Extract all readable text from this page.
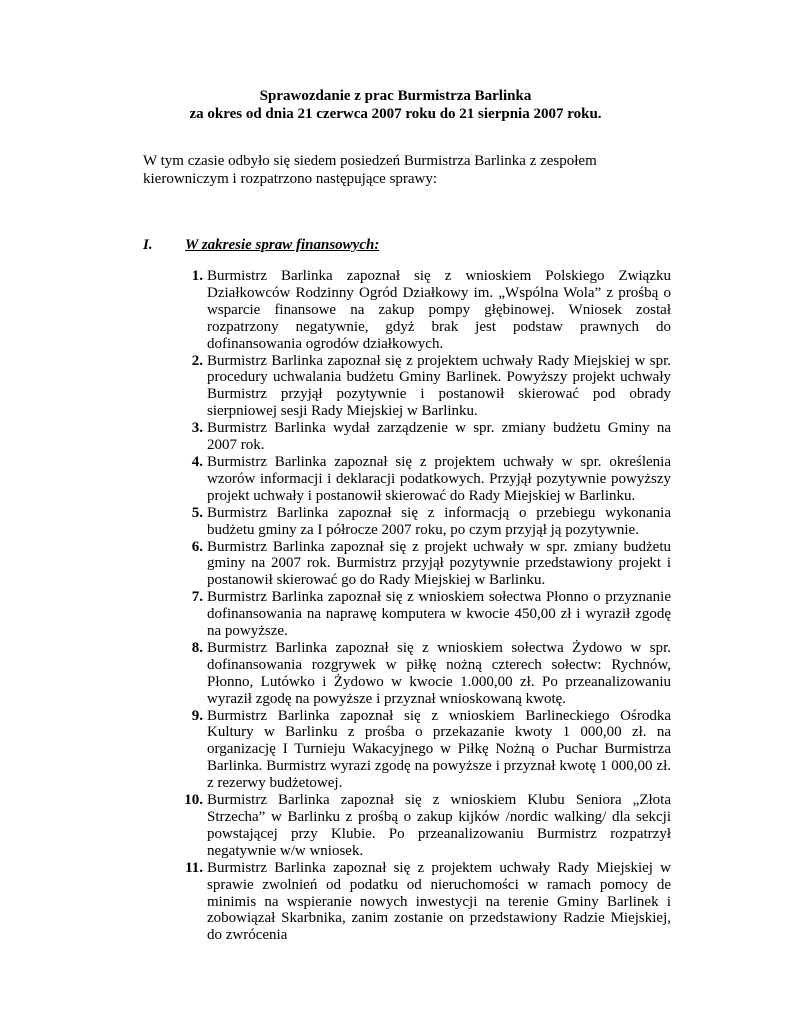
Sprawozdanie z prac Burmistrza Barlinka
za okres od dnia 21 czerwca 2007 roku do 21 sierpnia 2007 roku.
W tym czasie odbyło się siedem posiedzeń Burmistrza Barlinka z zespołem kierowniczym i rozpatrzono następujące sprawy:
I. W zakresie spraw finansowych:
1. Burmistrz Barlinka zapoznał się z wnioskiem Polskiego Związku Działkowców Rodzinny Ogród Działkowy im. „Wspólna Wola” z prośbą o wsparcie finansowe na zakup pompy głębinowej. Wniosek został rozpatrzony negatywnie, gdyż brak jest podstaw prawnych do dofinansowania ogrodów działkowych.
2. Burmistrz Barlinka zapoznał się z projektem uchwały Rady Miejskiej w spr. procedury uchwalania budżetu Gminy Barlinek. Powyższy projekt uchwały Burmistrz przyjął pozytywnie i postanowił skierować pod obrady sierpniowej sesji Rady Miejskiej w Barlinku.
3. Burmistrz Barlinka wydał zarządzenie w spr. zmiany budżetu Gminy na 2007 rok.
4. Burmistrz Barlinka zapoznał się z projektem uchwały w spr. określenia wzorów informacji i deklaracji podatkowych. Przyjął pozytywnie powyższy projekt uchwały i postanowił skierować do Rady Miejskiej w Barlinku.
5. Burmistrz Barlinka zapoznał się z informacją o przebiegu wykonania budżetu gminy za I półrocze 2007 roku, po czym przyjął ją pozytywnie.
6. Burmistrz Barlinka zapoznał się z projekt uchwały w spr. zmiany budżetu gminy na 2007 rok. Burmistrz przyjął pozytywnie przedstawiony projekt i postanowił skierować go do Rady Miejskiej w Barlinku.
7. Burmistrz Barlinka zapoznał się z wnioskiem sołectwa Płonno o przyznanie dofinansowania na naprawę komputera w kwocie 450,00 zł i wyraził zgodę na powyższe.
8. Burmistrz Barlinka zapoznał się z wnioskiem sołectwa Żydowo w spr. dofinansowania rozgrywek w piłkę nożną czterech sołectw: Rychnów, Płonno, Lutówko i Żydowo w kwocie 1.000,00 zł. Po przeanalizowaniu wyraził zgodę na powyższe i przyznał wnioskowaną kwotę.
9. Burmistrz Barlinka zapoznał się z wnioskiem Barlineckiego Ośrodka Kultury w Barlinku z prośba o przekazanie kwoty 1 000,00 zł. na organizację I Turnieju Wakacyjnego w Piłkę Nożną o Puchar Burmistrza Barlinka. Burmistrz wyrazi zgodę na powyższe i przyznał kwotę 1 000,00 zł. z rezerwy budżetowej.
10. Burmistrz Barlinka zapoznał się z wnioskiem Klubu Seniora „Złota Strzecha” w Barlinku z prośbą o zakup kijków /nordic walking/ dla sekcji powstającej przy Klubie. Po przeanalizowaniu Burmistrz rozpatrzył negatywnie w/w wniosek.
11. Burmistrz Barlinka zapoznał się z projektem uchwały Rady Miejskiej w sprawie zwolnień od podatku od nieruchomości w ramach pomocy de minimis na wspieranie nowych inwestycji na terenie Gminy Barlinek i zobowiązał Skarbnika, zanim zostanie on przedstawiony Radzie Miejskiej, do zwrócenia
